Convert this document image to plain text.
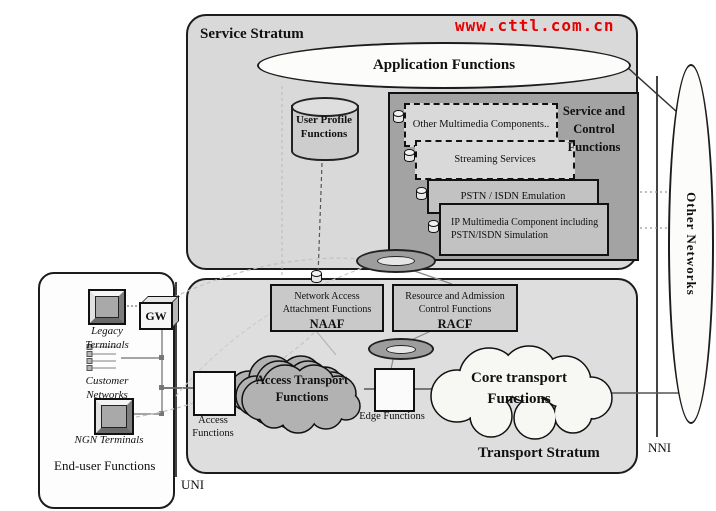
Service Stratum
Transport Stratum
www.cttl.com.cn
Application Functions
User Profile Functions
Service and Control Functions
Other Multimedia Components..
Streaming Services
PSTN / ISDN Emulation
IP Multimedia Component including PSTN/ISDN Simulation
Network Access
Attachment Functions
NAAF
Resource and Admission
Control Functions
RACF
Access Transport Functions
Core transport Functions
Access Functions
Edge Functions
GW
Legacy Terminals
Customer Networks
NGN Terminals
End-user Functions
UNI
NNI
Other Networks
